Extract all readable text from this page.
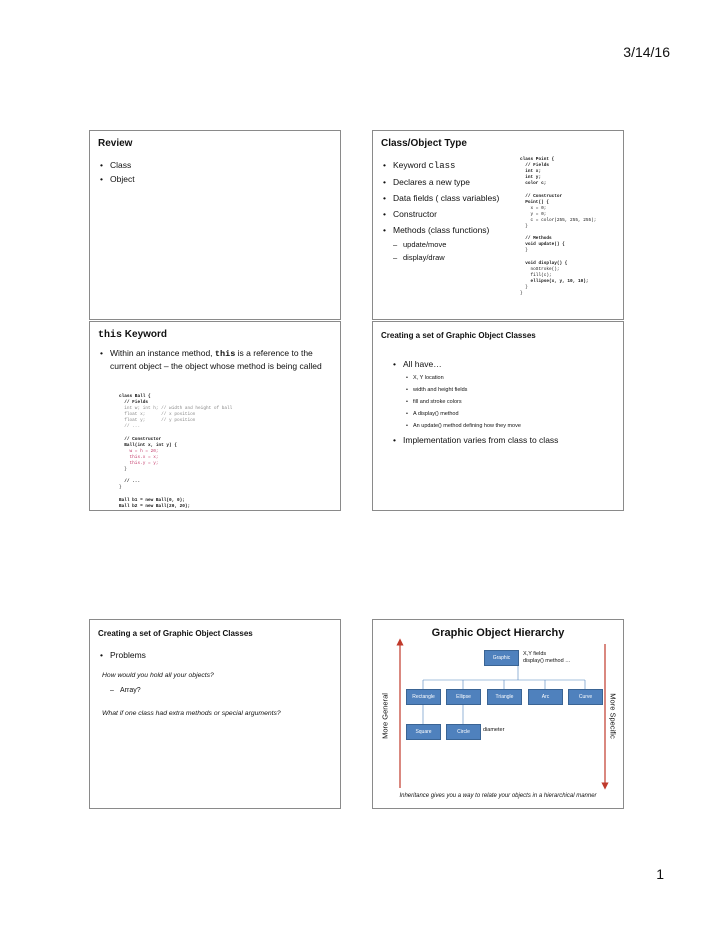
3/14/16
Review
• Class
• Object
Class/Object Type
• Keyword class
• Declares a new type
• Data fields ( class variables)
• Constructor
• Methods (class functions)
– update/move
– display/draw
class Point {
// Fields
int x;
int y;
color c;

// Constructor
Point() {
x = 0;
y = 0;
c = color(255, 255, 255);
}

// Methods
void update() {
}

void display() {
noStroke();
fill(c);
ellipse(x, y, 10, 10);
}
}
this Keyword
• Within an instance method, this is a reference to the current object – the object whose method is being called
class Ball {
// Fields
int w; int h; // width and height of ball
float x;      // x position
float y;      // y position
// ...

// Constructor
Ball(int x, int y) {
w = h = 20;
this.x = x;
this.y = y;
}

// ...
}

Ball b1 = new Ball(0, 0);
Ball b2 = new Ball(20, 20);
Creating a set of Graphic Object Classes
• All have…
• X, Y location
• width and height fields
• fill and stroke colors
• A display() method
• An update() method defining how they move
• Implementation varies from class to class
Creating a set of Graphic Object Classes
• Problems
How would you hold all your objects?
– Array?
What if one class had extra methods or special arguments?
Graphic Object Hierarchy
Graphic
X,Y fields
display() method …
Rectangle	Ellipse	Triangle	Arc	Curve
Square	Circle	diameter
More General	More Specific
Inheritance gives you a way to relate your objects in a hierarchical manner
1
